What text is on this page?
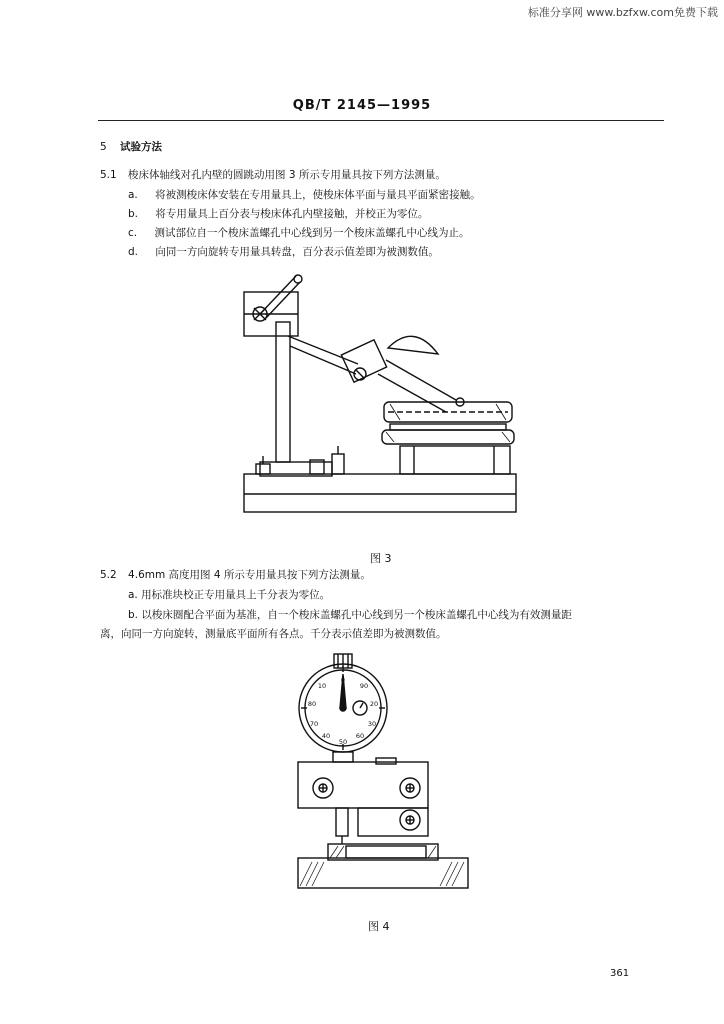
标准分享网 www.bzfxw.com免费下载
QB/T 2145—1995
5 试验方法
5.1 梭床体轴线对孔内壁的圆跳动用图 3 所示专用量具按下列方法测量。
a. 将被测梭床体安装在专用量具上，使梭床体平面与量具平面紧密接触。
b. 将专用量具上百分表与梭床体孔内壁接触，并校正为零位。
c. 测试部位自一个梭床盖螺孔中心线到另一个梭床盖螺孔中心线为止。
d. 向同一方向旋转专用量具转盘，百分表示值差即为被测数值。
图 3
5.2 4.6mm 高度用图 4 所示专用量具按下列方法测量。
a. 用标准块校正专用量具上千分表为零位。
b. 以梭床圈配合平面为基准，自一个梭床盖螺孔中心线到另一个梭床盖螺孔中心线为有效测量距
离，向同一方向旋转，测量底平面所有各点。千分表示值差即为被测数值。
10
0
90
80
70
20
30
40
50
60
图 4
361
